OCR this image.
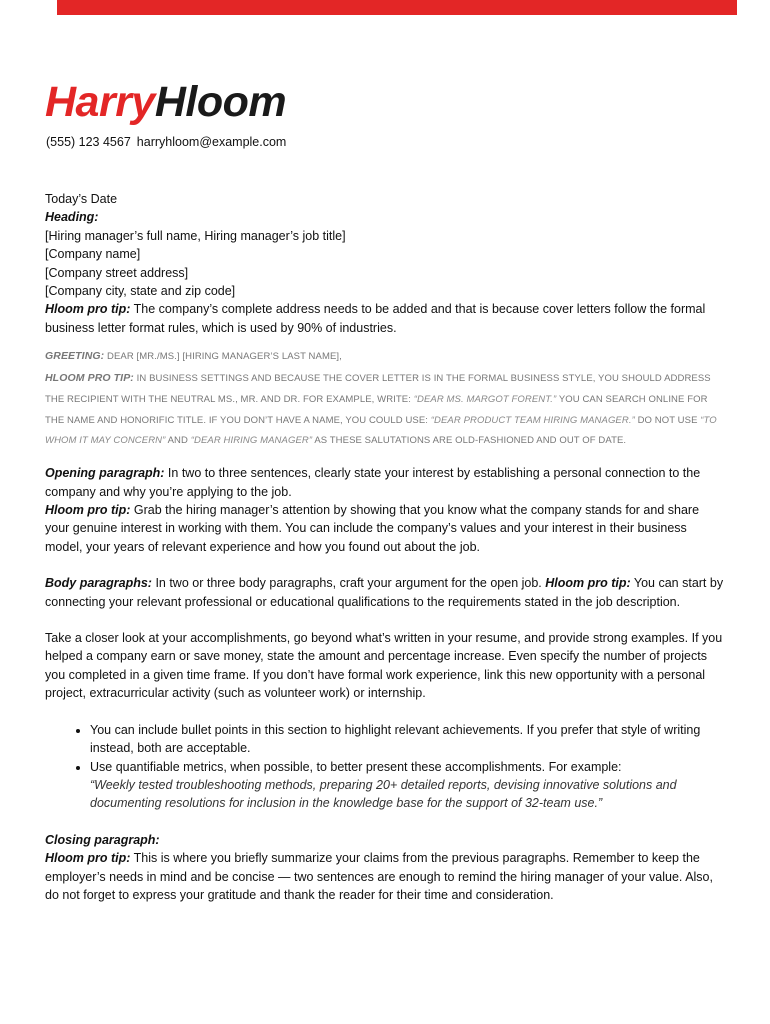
HarryHloom
(555) 123 4567 harryhloom@example.com

Today’s Date

Heading:

[Hiring manager’s full name, Hiring manager’s job title]

[Company name]

[Company street address]

[Company city, state and zip code]

Hloom pro tip: The company’s complete address needs to be added and that is because cover letters follow the formal business letter format rules, which is used by 90% of industries.

GREETING: DEAR [MR./MS.] [HIRING MANAGER’S LAST NAME],

HLOOM PRO TIP: IN BUSINESS SETTINGS AND BECAUSE THE COVER LETTER IS IN THE FORMAL BUSINESS STYLE, YOU SHOULD ADDRESS THE RECIPIENT WITH THE NEUTRAL MS., MR. AND DR. FOR EXAMPLE, WRITE: “DEAR MS. MARGOT FORENT.” YOU CAN SEARCH ONLINE FOR THE NAME AND HONORIFIC TITLE. IF YOU DON’T HAVE A NAME, YOU COULD USE: “DEAR PRODUCT TEAM HIRING MANAGER.” DO NOT USE “TO WHOM IT MAY CONCERN” AND “DEAR HIRING MANAGER” AS THESE SALUTATIONS ARE OLD-FASHIONED AND OUT OF DATE.

Opening paragraph: In two to three sentences, clearly state your interest by establishing a personal connection to the company and why you’re applying to the job.

Hloom pro tip: Grab the hiring manager’s attention by showing that you know what the company stands for and share your genuine interest in working with them. You can include the company’s values and your interest in their business model, your years of relevant experience and how you found out about the job.

Body paragraphs: In two or three body paragraphs, craft your argument for the open job. Hloom pro tip: You can start by connecting your relevant professional or educational qualifications to the requirements stated in the job description.

Take a closer look at your accomplishments, go beyond what’s written in your resume, and provide strong examples. If you helped a company earn or save money, state the amount and percentage increase. Even specify the number of projects you completed in a given time frame. If you don’t have formal work experience, link this new opportunity with a personal project, extracurricular activity (such as volunteer work) or internship.

• You can include bullet points in this section to highlight relevant achievements. If you prefer that style of writing instead, both are acceptable.
• Use quantifiable metrics, when possible, to better present these accomplishments. For example:
“Weekly tested troubleshooting methods, preparing 20+ detailed reports, devising innovative solutions and documenting resolutions for inclusion in the knowledge base for the support of 32-team use.”

Closing paragraph:

Hloom pro tip: This is where you briefly summarize your claims from the previous paragraphs. Remember to keep the employer’s needs in mind and be concise — two sentences are enough to remind the hiring manager of your value. Also, do not forget to express your gratitude and thank the reader for their time and consideration.
